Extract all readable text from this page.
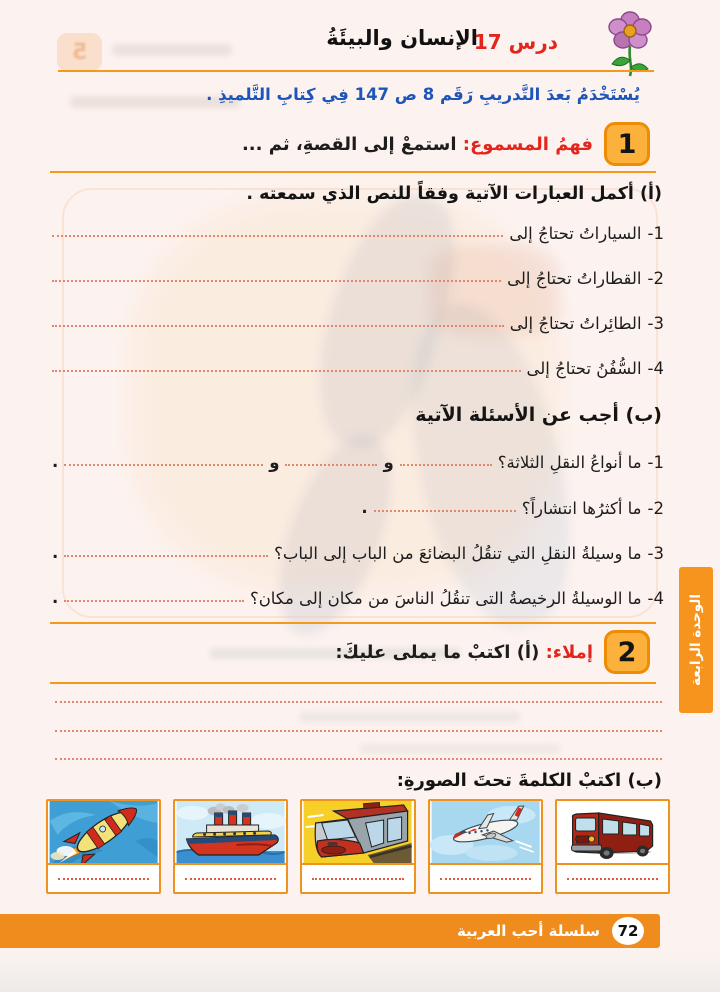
5	درس 17
الإنسان والبيئَةُ
يُسْتَخْدَمُ بَعدَ التَّدريبِ رَقَم 8 ص 147 فِي كِتابِ التَّلميذِ .
1
فهمُ المسموع: استمعْ إلى القصةِ، ثم ...
(أ) أكمل العبارات الآتية وفقاً للنص الذي سمعته .
1-
السياراتُ تحتاجُ إلى
2-
القطاراتُ تحتاجُ إلى
3-
الطائِراتُ تحتاجُ إلى
4-
السُّفُنُ تحتاجُ إلى
(ب) أجب عن الأسئلة الآتية
1-
ما أنواعُ النقلِ الثلاثة؟
و
و
.
2-
ما أكثرُها انتشاراً؟
.
3-
ما وسيلةُ النقلِ التي تنقُلُ البضائعَ من الباب إلى الباب؟
.
4-
ما الوسيلةُ الرخيصةُ التى تنقُلُ الناسَ من مكان إلى مكان؟
.
2
إملاء: (أ) اكتبْ ما يملى عليكَ:
(ب) اكتبْ الكلمةَ تحتَ الصورةِ:
72
سلسلة أحب العربية
الوحدة الرابعة
